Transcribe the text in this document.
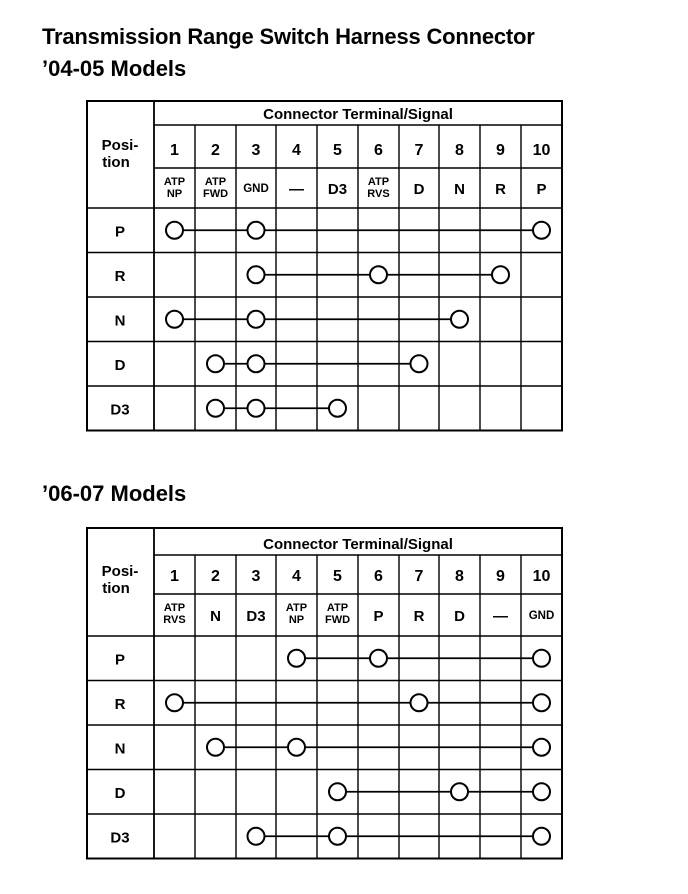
Transmission Range Switch Harness Connector
’04-05 Models
Connector Terminal/Signal
Posi-
tion
1 2 3 4 5 6 7 8 9 10
ATP
NP
ATP
FWD GND — D3 ATP
RVS D N R P
P
R
N
D
D3
’06-07 Models
Connector Terminal/Signal
Posi-
tion
1 2 3 4 5 6 7 8 9 10
ATP
RVS N D3 ATP
NP
ATP
FWD P R D — GND
P
R
N
D
D3
